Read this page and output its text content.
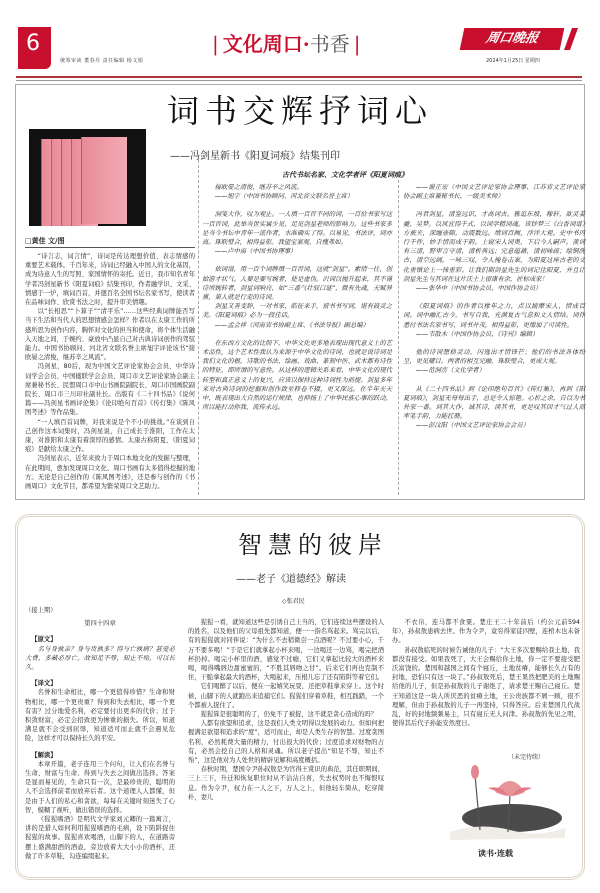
6
统筹审读 董春丹 责任编辑 杨文娟
| 文化周口·书香 |	周口晚报
2024年1月25日 星期四
词书交辉抒词心
——冯剑星新书《阳夏词痕》结集刊印
古代书坛名家、文化学者评《阳夏词痕》
□黄佳 文/图

“诗言志，词言情”，诗词是传达理想价值、表志情感的重要艺术载体。千百年来，诗词已经融入中国人的文化基因，成为诗意人生的写照、家国情怀的寄托。近日，我市知名青年学者冯剑星新书《阳夏词痕》结集刊印，作者融学识、文采、情感于一炉，填词百首，并邀百名全国书坛名家书写，使读者在品味词作、欣赏书法之时，提升审美情趣。

以“长相思”“卜算子”“清平乐”……这些经典词牌能否写当下生活和当代人的思想情感会怎样？作者以在太康工作的所感所思为创作内容，胸怀对文化的担当和使命，将个体生活融入天地之间，于婉约、豪放中凸显自己对古典诗词创作的驾驭能力。中国书协顾问、河北省文联名誉主席旭宇评论该书“接欧晏之清俊，继苏辛之风流”。

冯剑星，80后，现为中国文艺评论家协会会员、中华诗词学会会员、中国楹联学会会员、周口市文艺评论家协会副主席兼秘书长、民盟周口市中山书画院副院长、周口市国画院副院长、周口市三川印社副社长。出版有《二十四书品》《说何篇——冯剑星书画评论集》《论印绝句百首》《传灯集》《陈风图考述》等作品集。

“一人填百首词牌，对我来说是个不小的挑战。”在谈到自己创作这本词集时，冯剑星说，自己成长于淮阳，工作在太康，对淮阳和太康有着深厚的感情。太康古称阳夏，《阳夏词痕》是献给太康之作。

冯剑星表示，近年来致力于周口本地文化的发掘与整理，在此期间，愈加发现周口文化、周口书画有太多值得挖掘的地方。无论是自己创作的《陈风图考述》，还是参与创作的《书画周口》文化节目，都希望为繁荣周口文艺助力。

接欧晏之清俊，继苏辛之风流。

——旭宇（中国书协顾问、河北省文联名誉主席）

洞笺大作，叹为观止。一人填一百首不同的词，一百位书家写这一百首词，此举当世实属少见，足见剑星老师的影响力。这些书家多是当今书坛中青年一流作者，水准确实了得。以易见，书法评，词亦高。珠联璧合，相得益彰。我望宝案观，自愧弗如。

——卢中南（中国书协理事）

依词谱，用一百个词牌填一百首词，这就“剑星”。素情一往，创始游才状气。人要是要写婉者，使是虚伪。沢词以抛升起来，其不谨诗所婉转者，剑星词响亮，如“三番气壮驭口谜”，微有先魂，天赋异禀，第人就是行走的诗词。

剑星又善变辞，一对书家，皓征来手，留书书写词，堪有鼓灵之美。《阳夏词痕》必为一段佳话。

——孟会祥（河南省书协副主席、《书法导报》副总编）

在东西方文化的比照下，中华文化更多地表现出现代意义上的艺术品性，这个艺术性我认为来源于中华文化的诗词，也就是说诗词是我们文化的根。诗歌的书法、绘画、戏曲、篆刻中医、武术都有诗性的特征，即所谓的写意性。从这样的逻辑关系来看，中华文化的现代转型和真正意义上的复兴，应该以保持这种诗词性为前提。剑星多年来对古典诗词的挖掘和创作致至释卷不辍，更又深远。在半年天天中，既表现出大自然的运行规律，也抑扬上了中华民族心事的跃动，所以能打动你我，流传永远。

——谢正宏（中国文艺评论家协会理事、江苏省文艺评论家协会副主席兼秘书长、一级美术师）

冯君剑星，清鉴远识，才高词古。雅追东坡，稼轩，欲灵姜夔、吴梦。以风宜得千式，以词学精词魂。该钞梦三《白香词谱》方被夹，深缠壶隙，动震数远。填词百阙，洋洋大观。史中书丙行千件，妙手情而成于韵。上窥宋人词奥，下启今人嗣声。羡词有三清，野审言守清，清析典远；完意蕴藉，清初味疏；绘铜洗古，清空远阔。一咏三叹，令人掩卷击案，为阳夏这座古老的文化重镇论上一抹重彩。让我们期剑星先生的词记住阳夏，并且让剑星先生与其词在这片沃土上留康有余，匠标成家！

——张华中（中国书协会员、中国作协会员）

《阳夏词痕》的作者以椽年之力，点以揣摩宋人，情成百词。词中融汇古今，书写自我，充满复古气息和文人情结。词作悉付书法名家书写，词书并茂，相得益彰，更增加了可读性。

——韦散木（中国作协会员、《诗刊》编辑）

他的诗词想格灵动，闪逸出才情锋芒；他们的书法各体纷呈，更见耀目。两者的相互完融，珠联璧合，更成大观。

——范洞峦（文化学者）

从《二十四书品》到《论印绝句百首》《传灯集》，再到《阳夏词痕》，剑星无每每出手，总是令人惊艳。心折之余，自以为书外家一番。词其大作，诚其诗，读其书，更是叹其因才气过人而率笔手韵，力能扛鼎。

——彭汶阳（中国文艺评论家协会会员）

智慧的彼岸
——老子《道德经》解读
◇张君民

（接上期）

第四十四章

【原文】

名与身孰亲？身与货孰多？得与亡孰病？甚爱必大费，多藏必厚亡。故知足不辱，知止不殆，可以长久。

【译文】

名誉和生命相比，哪一个更值得珍惜？生命和财物相比，哪一个更贵重？得到和失去相比，哪一个更有害？过分地爱名利，必定要付出更多的代价；过于积敛财富，必定会招致更为惨重的损失。所以，知道满足就不会受到屈辱，知道适可而止就不会遇见危险，这样才可以保持长久的平安。

【解读】

本章开篇，老子连用三个问句，让人们在名誉与生命、财富与生命、得到与失去之间做出选择。答案是显而易见的，生命只有一次，是最珍贵的，聪明的人不会选择前者而放弃后者。这个道理人人都懂，但是由于人们的私心和贪欲，每每在关键时刻迷失了心智，模糊了视听，做出错误的选择。

《猩猩嗜酒》是明代文学家刘元卿的一篇寓言，讲的是猎人如何利用猩猩嗜酒的毛病，设下陷阱捉住猩猩的故事。猩猩喜欢喝酒，山脚下的人，在道路旁摆上盛满甜酒的酒壶，旁边放着大大小小的酒杯，还做了许多草鞋，勾连编缀起来。

猩猩一看，就知道这些是引诱自己上当的，它们连续这些摆设的人的姓名，以及他们的父母祖先都知道，便一一指名骂起来。骂完以后，有的猩猩就对同伴说：“为什么不去稍微尝一点酒呢？不过要小心，千万不要多喝！”于是它们就拿起小杯来喝，一边喝还一边骂，喝完把酒杯扔掉。喝完小杯里的酒，感觉不过瘾，它们又拿起比较大的酒杯来喝，喝得嘴唇边甜蜜蜜的，“不胜其唇吻之甘”。后来它们再也克制不住，干脆拿起最大的酒杯，大喝起来，压根儿忘了还有陷阱等着它们。

它们喝醉了以后，便在一起嬉笑玩耍，还把草鞋拿来穿上。这个时候，山脚下的人就跑出来追捕它们。猩猩们穿着草鞋，相互践踏，一个个都被人捉住了。

猩猩算是很聪明的了，仍免不了被捉，这不就是贪心造成的吗？

人都有欲望和追求，这是我们人类文明得以发展的动力。但如何把握满足欲望和追求的“度”，适可而止，却是人类生存的智慧。过度贪图名利，必然耗费大量的精力，付出很大的代价；过度追求对财物的占有，必然会挖自己的人格和灵魂。所以老子提出“知足不辱，知止不殆”，这是他对为人处世的精辟见解和高度概括。

春秋时期，楚国令尹孙叔敖是为官得王赏识的典范，其任职期间，三上三下，升迁和恢复职位时从不沾沾自喜，失去权势时也不悔恨叹息。作为令尹，权力在一人之下，万人之上，但他轻车简从，吃穿简朴，妻儿

不衣帛，连马都不食粟。楚庄王二十年前后（约公元前594年），孙叔敖患病去世。作为令尹，竟穷得家徒四壁，连棺木也未备办。

孙叔敖临死的时候告诫他的儿子：“大王多次要赐给我土地，我都没有接受。如果我死了，大王会赐给你土地，你一定不要接受肥沃富饶的。楚国和越国之间有个寝丘，土地贫瘠，能够长久占有的封地，恐怕只有这一块了。”孙叔敖死后，楚王果然把肥美的土地赐给他的儿子，但是孙叔敖的儿子谢绝了，请求楚王赐自己寝丘。楚王知道这是一块人所厌恶的贫瘠土地，王公贵族都不屑一顾，很不理解，但由于孙叔敖的儿子一再坚持，只得答应。后来楚国几代战乱，好的封地频频易主，只有寝丘无人问津。孙叔敖的先见之明，使得其后代子孙能安然度日。

（未完待续）
读书·连载
